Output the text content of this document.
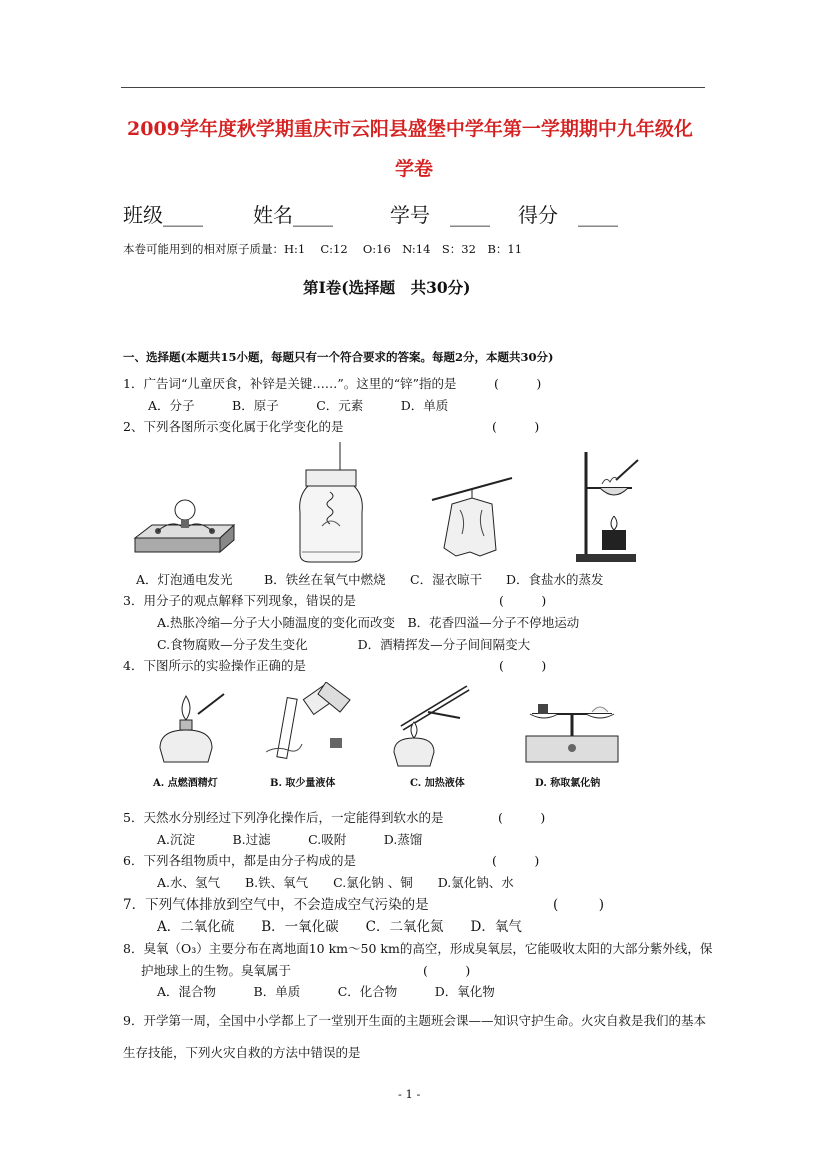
2009学年度秋学期重庆市云阳县盛堡中学年第一学期期中九年级化
学卷
班级____	姓名____	学号　____ 得分　____
本卷可能用到的相对原子质量：H:1　 C:12　 O:16　N:14　S：32　B：11
第Ⅰ卷(选择题　共30分)
一、选择题(本题共15小题，每题只有一个符合要求的答案。每题2分，本题共30分)
1．广告词“儿童厌食，补锌是关键……”。这里的“锌”指的是	(　　　)
A．分子　　　B．原子　　　C．元素　　　D．单质
2、下列各图所示变化属于化学变化的是	(　　　)
A．灯泡通电发光	B．铁丝在氧气中燃烧 C．湿衣晾干 D．食盐水的蒸发
3．用分子的观点解释下列现象，错误的是	(　　　)
A.热胀冷缩—分子大小随温度的变化而改变　B．花香四溢—分子不停地运动
C.食物腐败—分子发生变化　　　　D．酒精挥发—分子间间隔变大
4．下图所示的实验操作正确的是	(　　　)
A. 点燃酒精灯	B. 取少量液体	C. 加热液体	D. 称取氯化钠
5．天然水分别经过下列净化操作后，一定能得到软水的是	(　　　)
A.沉淀　　　B.过滤　　　C.吸附　　　D.蒸馏
6．下列各组物质中，都是由分子构成的是	(　　　)
A.水、氢气　　B.铁、氧气　　C.氯化钠 、铜　　D.氯化钠、水
7．下列气体排放到空气中，不会造成空气污染的是	(　　　)
A．二氧化硫　　B．一氧化碳　　C．二氧化氮　　D．氧气
8．臭氧（O₃）主要分布在离地面10 km～50 km的高空，形成臭氧层，它能吸收太阳的大部分紫外线，保
护地球上的生物。臭氧属于	(　　　)
A．混合物　　　B．单质　　　C．化合物　　　D．氧化物
9．开学第一周，全国中小学都上了一堂别开生面的主题班会课——知识守护生命。火灾自救是我们的基本
生存技能，下列火灾自救的方法中错误的是
- 1 -
